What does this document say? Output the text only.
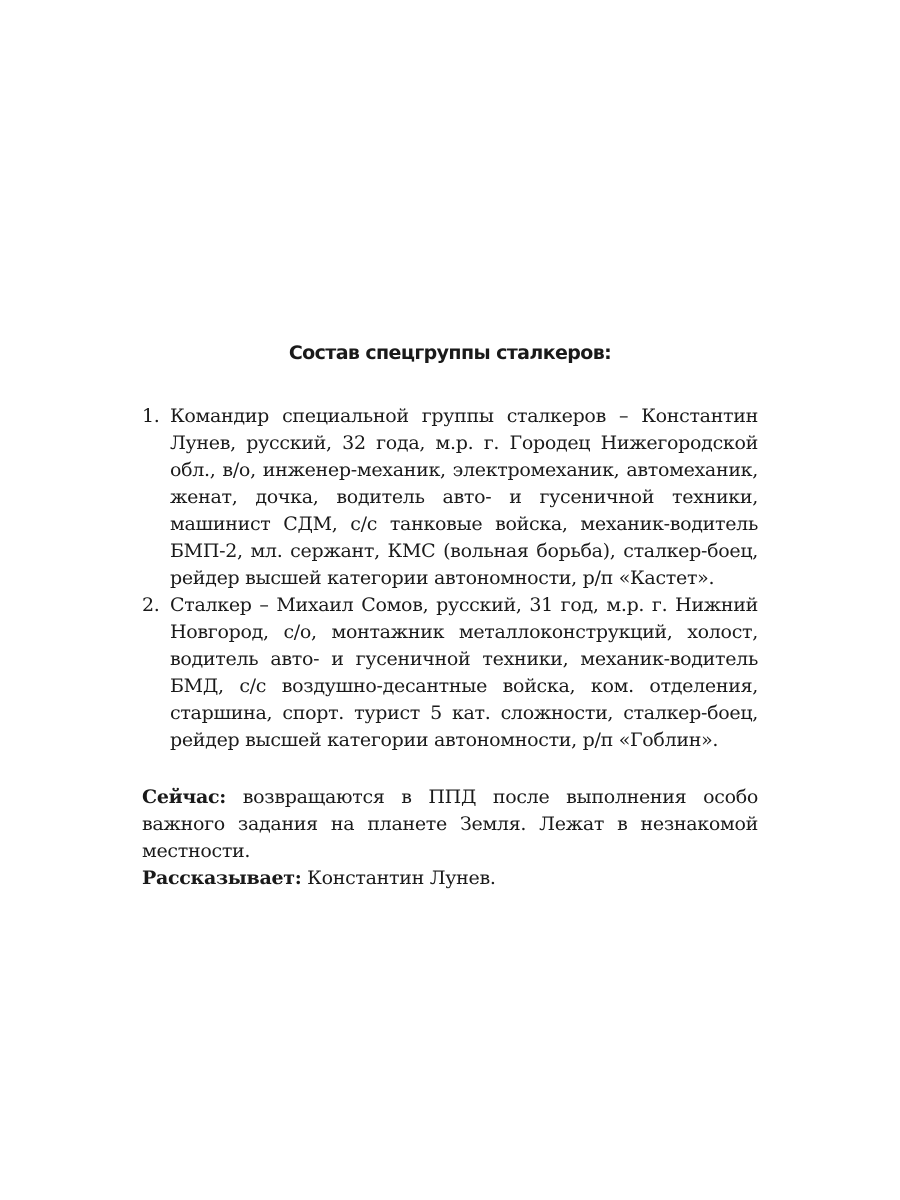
Состав спецгруппы сталкеров:
1. Командир специальной группы сталкеров – Константин Лунев, русский, 32 года, м.р. г. Городец Нижегородской обл., в/о, инженер-механик, электромеханик, автомеханик, женат, дочка, водитель авто- и гусеничной техники, машинист СДМ, с/с танковые войска, механик-водитель БМП-2, мл. сержант, КМС (вольная борьба), сталкер-боец, рейдер высшей категории автономности, р/п «Кастет».
2. Сталкер – Михаил Сомов, русский, 31 год, м.р. г. Нижний Новгород, с/о, монтажник металлоконструкций, холост, водитель авто- и гусеничной техники, механик-водитель БМД, с/с воздушно-десантные войска, ком. отделения, старшина, спорт. турист 5 кат. сложности, сталкер-боец, рейдер высшей категории автономности, р/п «Гоблин».

Сейчас: возвращаются в ППД после выполнения особо важного задания на планете Земля. Лежат в незнакомой местности.

Рассказывает: Константин Лунев.
